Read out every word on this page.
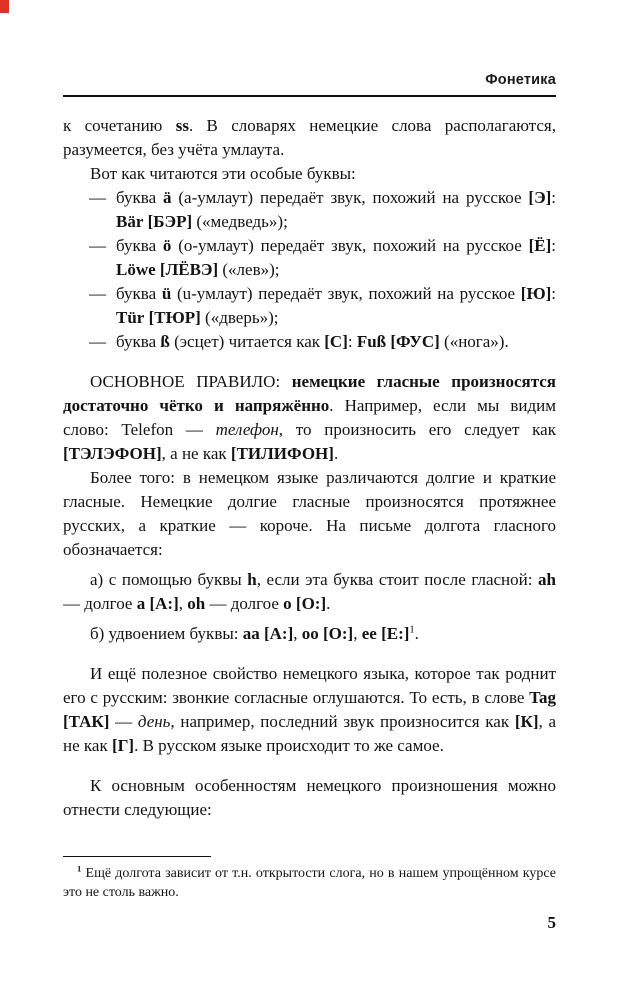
Фонетика

к сочетанию ss. В словарях немецкие слова располагаются, разумеется, без учёта умлаута.

Вот как читаются эти особые буквы:

— буква ä (а-умлаут) передаёт звук, похожий на русское [Э]: Bär [БЭР] («медведь»);
— буква ö (о-умлаут) передаёт звук, похожий на русское [Ё]: Löwe [ЛЁВЭ] («лев»);
— буква ü (u-умлаут) передаёт звук, похожий на русское [Ю]: Tür [ТЮР] («дверь»);
— буква ß (эсцет) читается как [С]: Fuß [ФУС] («нога»).

ОСНОВНОЕ ПРАВИЛО: немецкие гласные произносятся достаточно чётко и напряжённо. Например, если мы видим слово: Telefon — телефон, то произносить его следует как [ТЭЛЭФОН], а не как [ТИЛИФОН].

Более того: в немецком языке различаются долгие и краткие гласные. Немецкие долгие гласные произносятся протяжнее русских, а краткие — короче. На письме долгота гласного обозначается:

а) с помощью буквы h, если эта буква стоит после гласной: ah — долгое a [А:], oh — долгое o [О:].

б) удвоением буквы: aa [А:], oo [О:], ee [Е:]$^1$.

И ещё полезное свойство немецкого языка, которое так роднит его с русским: звонкие согласные оглушаются. То есть, в слове Tag [ТАК] — день, например, последний звук произносится как [К], а не как [Г]. В русском языке происходит то же самое.

К основным особенностям немецкого произношения можно отнести следующие:

$^1$ Ещё долгота зависит от т.н. открытости слога, но в нашем упрощённом курсе это не столь важно.

5
